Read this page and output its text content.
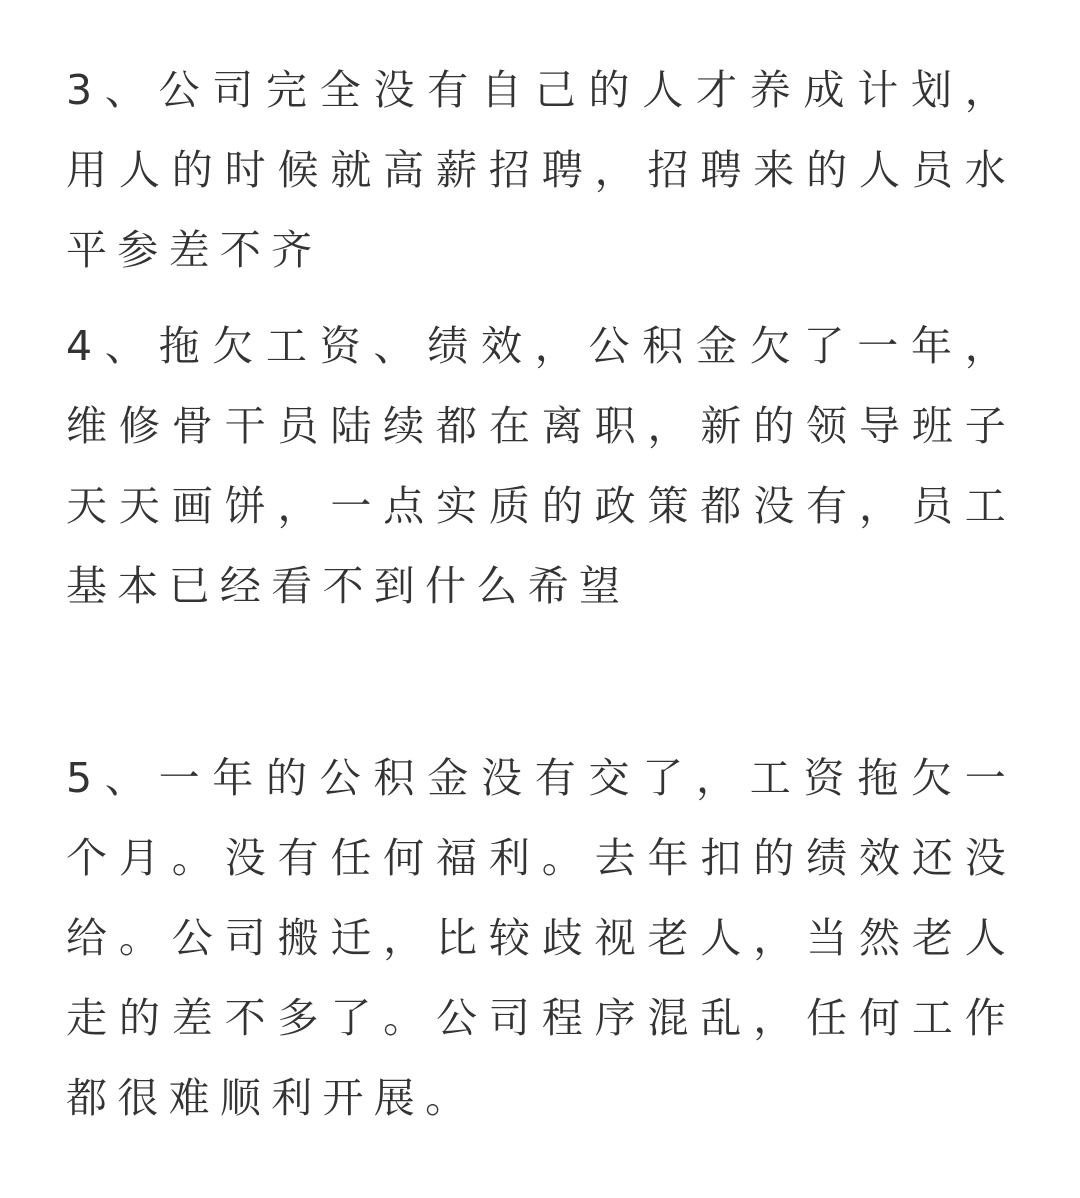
3、公司完全没有自己的人才养成计划，用人的时候就高薪招聘，招聘来的人员水平参差不齐

4、拖欠工资、绩效，公积金欠了一年，维修骨干员陆续都在离职，新的领导班子天天画饼，一点实质的政策都没有，员工基本已经看不到什么希望

5、一年的公积金没有交了，工资拖欠一个月。没有任何福利。去年扣的绩效还没给。公司搬迁，比较歧视老人，当然老人走的差不多了。公司程序混乱，任何工作都很难顺利开展。
